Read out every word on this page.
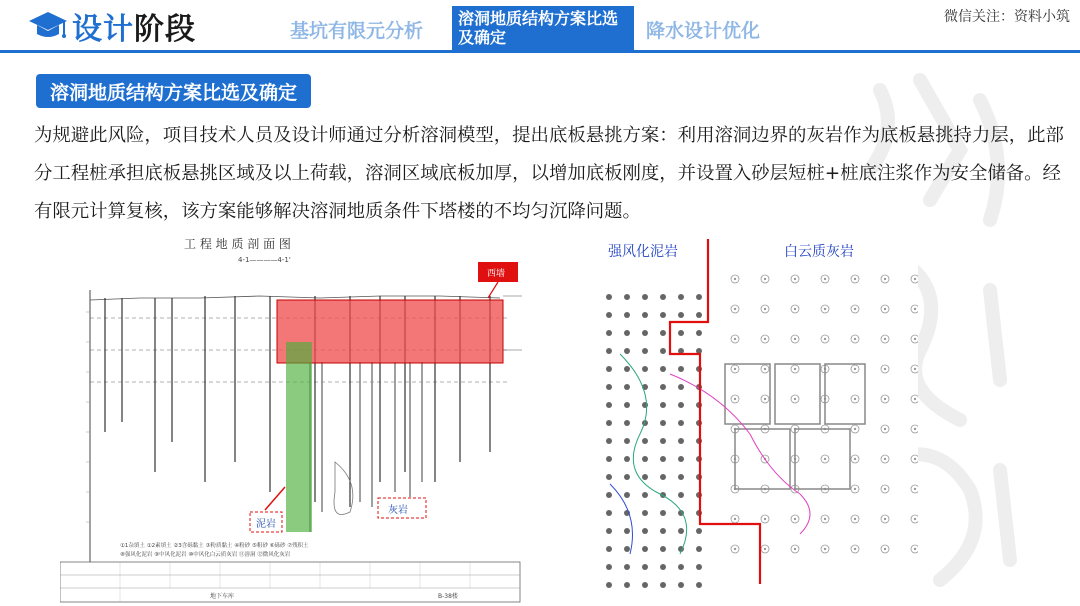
设计 阶段	基坑有限元分析
溶洞地质结构方案比选及确定	降水设计优化
微信关注：资料小筑
溶洞地质结构方案比选及确定
为规避此风险，项目技术人员及设计师通过分析溶洞模型，提出底板悬挑方案：利用溶洞边界的灰岩作为底板悬挑持力层，此部分工程桩承担底板悬挑区域及以上荷载，溶洞区域底板加厚，以增加底板刚度，并设置入砂层短桩+桩底注浆作为安全储备。经有限元计算复核，该方案能够解决溶洞地质条件下塔楼的不均匀沉降问题。
工 程 地 质 剖 面 图
4-1————4-1'
西墙
泥岩
灰岩
①1杂填土 ①2素填土 ②3含砾黏土 ③粉质黏土 ④粉砂 ⑤粗砂 ⑥砾砂 ⑦残积土
⑧强风化泥岩 ⑨中风化泥岩 ⑩中风化白云质灰岩 ⑪溶洞 ⑫微风化灰岩
地下车库	B-38楼
强风化泥岩	白云质灰岩
